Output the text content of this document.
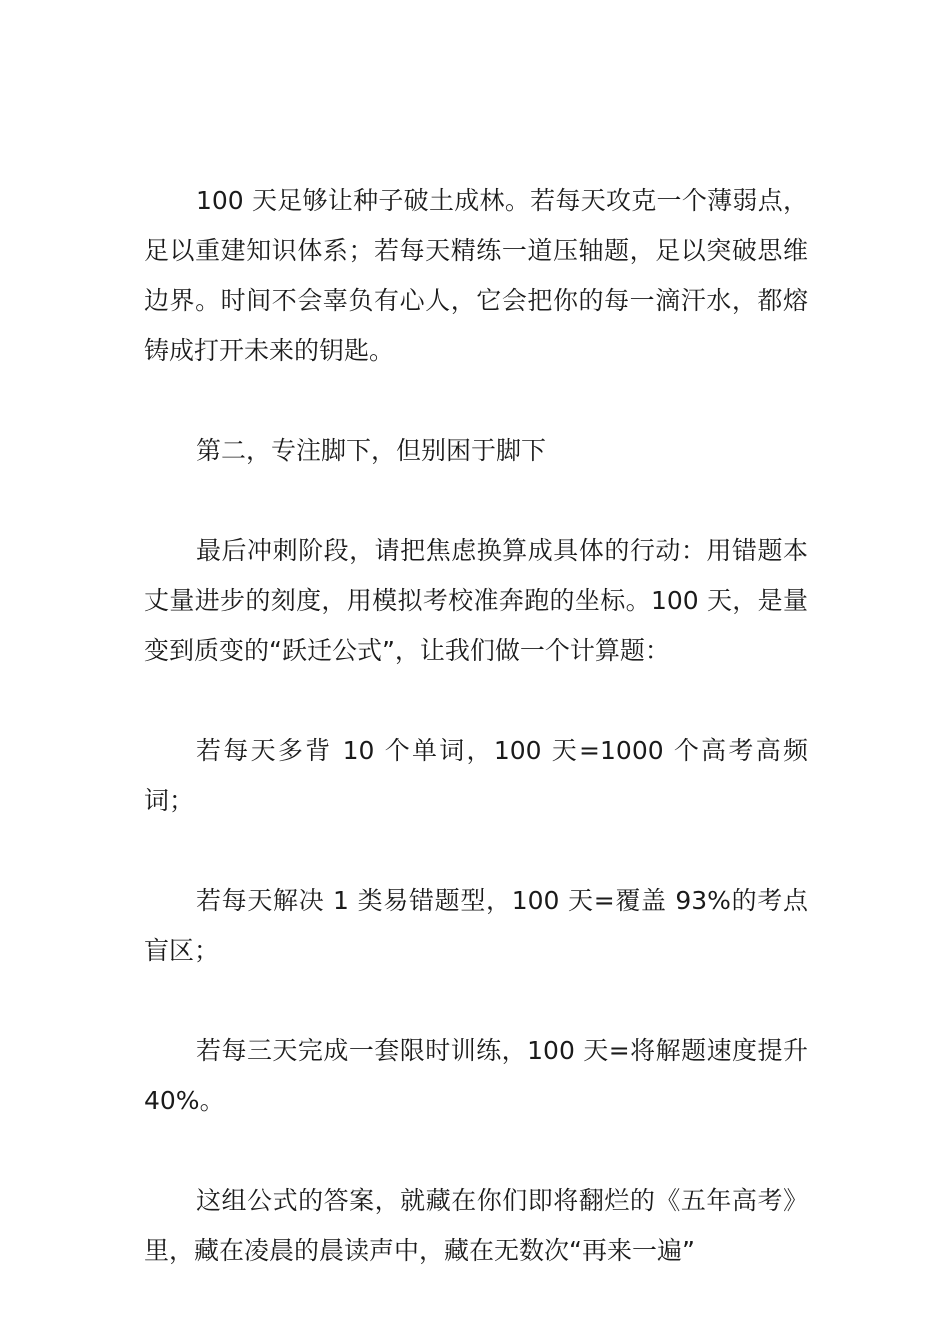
100 天足够让种子破土成林。若每天攻克一个薄弱点，足以重建知识体系；若每天精练一道压轴题，足以突破思维边界。时间不会辜负有心人，它会把你的每一滴汗水，都熔铸成打开未来的钥匙。

第二，专注脚下，但别困于脚下

最后冲刺阶段，请把焦虑换算成具体的行动：用错题本丈量进步的刻度，用模拟考校准奔跑的坐标。100 天，是量变到质变的“跃迁公式”，让我们做一个计算题：

若每天多背 10 个单词，100 天=1000 个高考高频词；

若每天解决 1 类易错题型，100 天=覆盖 93%的考点盲区；

若每三天完成一套限时训练，100 天=将解题速度提升40%。

这组公式的答案，就藏在你们即将翻烂的《五年高考》里，藏在凌晨的晨读声中，藏在无数次“再来一遍”
